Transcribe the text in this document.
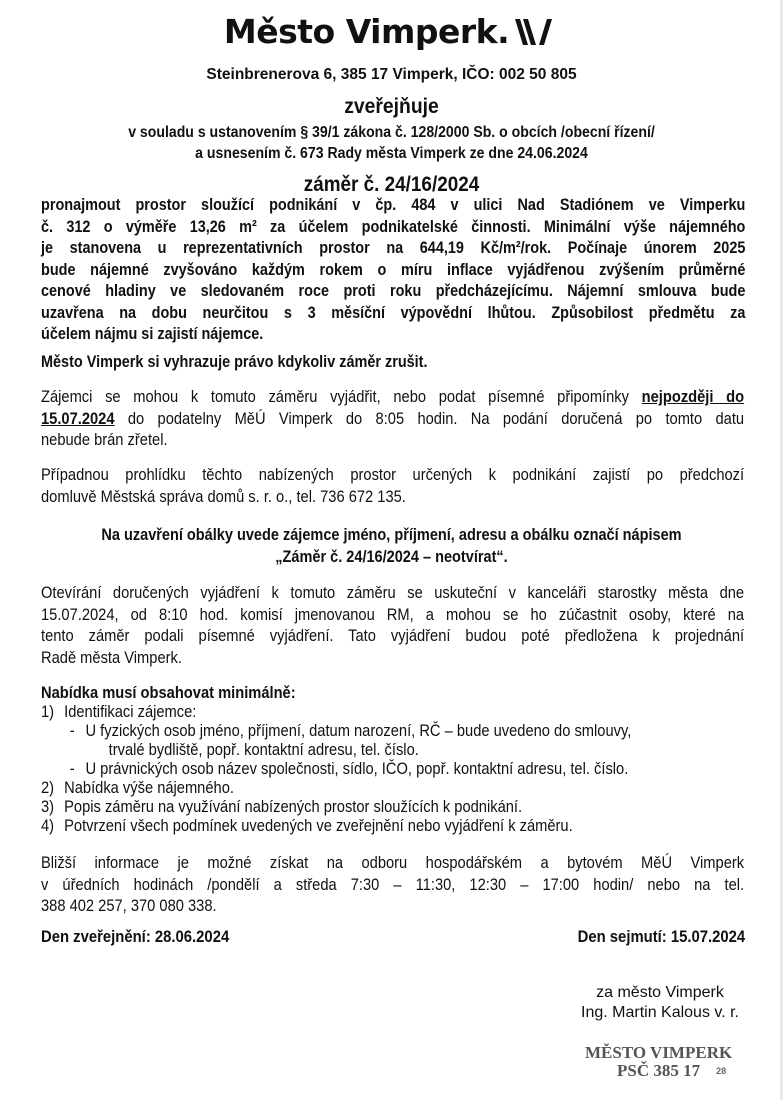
Město Vimperk.
Steinbrenerova 6, 385 17 Vimperk, IČO: 002 50 805
zveřejňuje
v souladu s ustanovením § 39/1 zákona č. 128/2000 Sb. o obcích /obecní řízení/
a usnesením č. 673 Rady města Vimperk ze dne 24.06.2024
záměr č. 24/16/2024
pronajmout prostor sloužící podnikání v čp. 484 v ulici Nad Stadiónem ve Vimperku
č. 312 o výměře 13,26 m² za účelem podnikatelské činnosti. Minimální výše nájemného
je stanovena u reprezentativních prostor na 644,19 Kč/m²/rok. Počínaje únorem 2025
bude nájemné zvyšováno každým rokem o míru inflace vyjádřenou zvýšením průměrné
cenové hladiny ve sledovaném roce proti roku předcházejícímu. Nájemní smlouva bude
uzavřena na dobu neurčitou s 3 měsíční výpovědní lhůtou. Způsobilost předmětu za
účelem nájmu si zajistí nájemce.
Město Vimperk si vyhrazuje právo kdykoliv záměr zrušit.
Zájemci se mohou k tomuto záměru vyjádřit, nebo podat písemné připomínky nejpozději do
15.07.2024 do podatelny MěÚ Vimperk do 8:05 hodin. Na podání doručená po tomto datu
nebude brán zřetel.
Případnou prohlídku těchto nabízených prostor určených k podnikání zajistí po předchozí
domluvě Městská správa domů s. r. o., tel. 736 672 135.
Na uzavření obálky uvede zájemce jméno, příjmení, adresu a obálku označí nápisem
„Záměr č. 24/16/2024 – neotvírat“.
Otevírání doručených vyjádření k tomuto záměru se uskuteční v kanceláři starostky města dne
15.07.2024, od 8:10 hod. komisí jmenovanou RM, a mohou se ho zúčastnit osoby, které na
tento záměr podali písemné vyjádření. Tato vyjádření budou poté předložena k projednání
Radě města Vimperk.
Nabídka musí obsahovat minimálně:
1) Identifikaci zájemce:
- U fyzických osob jméno, příjmení, datum narození, RČ – bude uvedeno do smlouvy,
trvalé bydliště, popř. kontaktní adresu, tel. číslo.
- U právnických osob název společnosti, sídlo, IČO, popř. kontaktní adresu, tel. číslo.
2) Nabídka výše nájemného.
3) Popis záměru na využívání nabízených prostor sloužících k podnikání.
4) Potvrzení všech podmínek uvedených ve zveřejnění nebo vyjádření k záměru.
Bližší informace je možné získat na odboru hospodářském a bytovém MěÚ Vimperk
v úředních hodinách /pondělí a středa 7:30 – 11:30, 12:30 – 17:00 hodin/ nebo na tel.
388 402 257, 370 080 338.
Den zveřejnění: 28.06.2024	Den sejmutí: 15.07.2024
za město Vimperk
Ing. Martin Kalous v. r.
MĚSTO VIMPERK
PSČ 385 17 28
